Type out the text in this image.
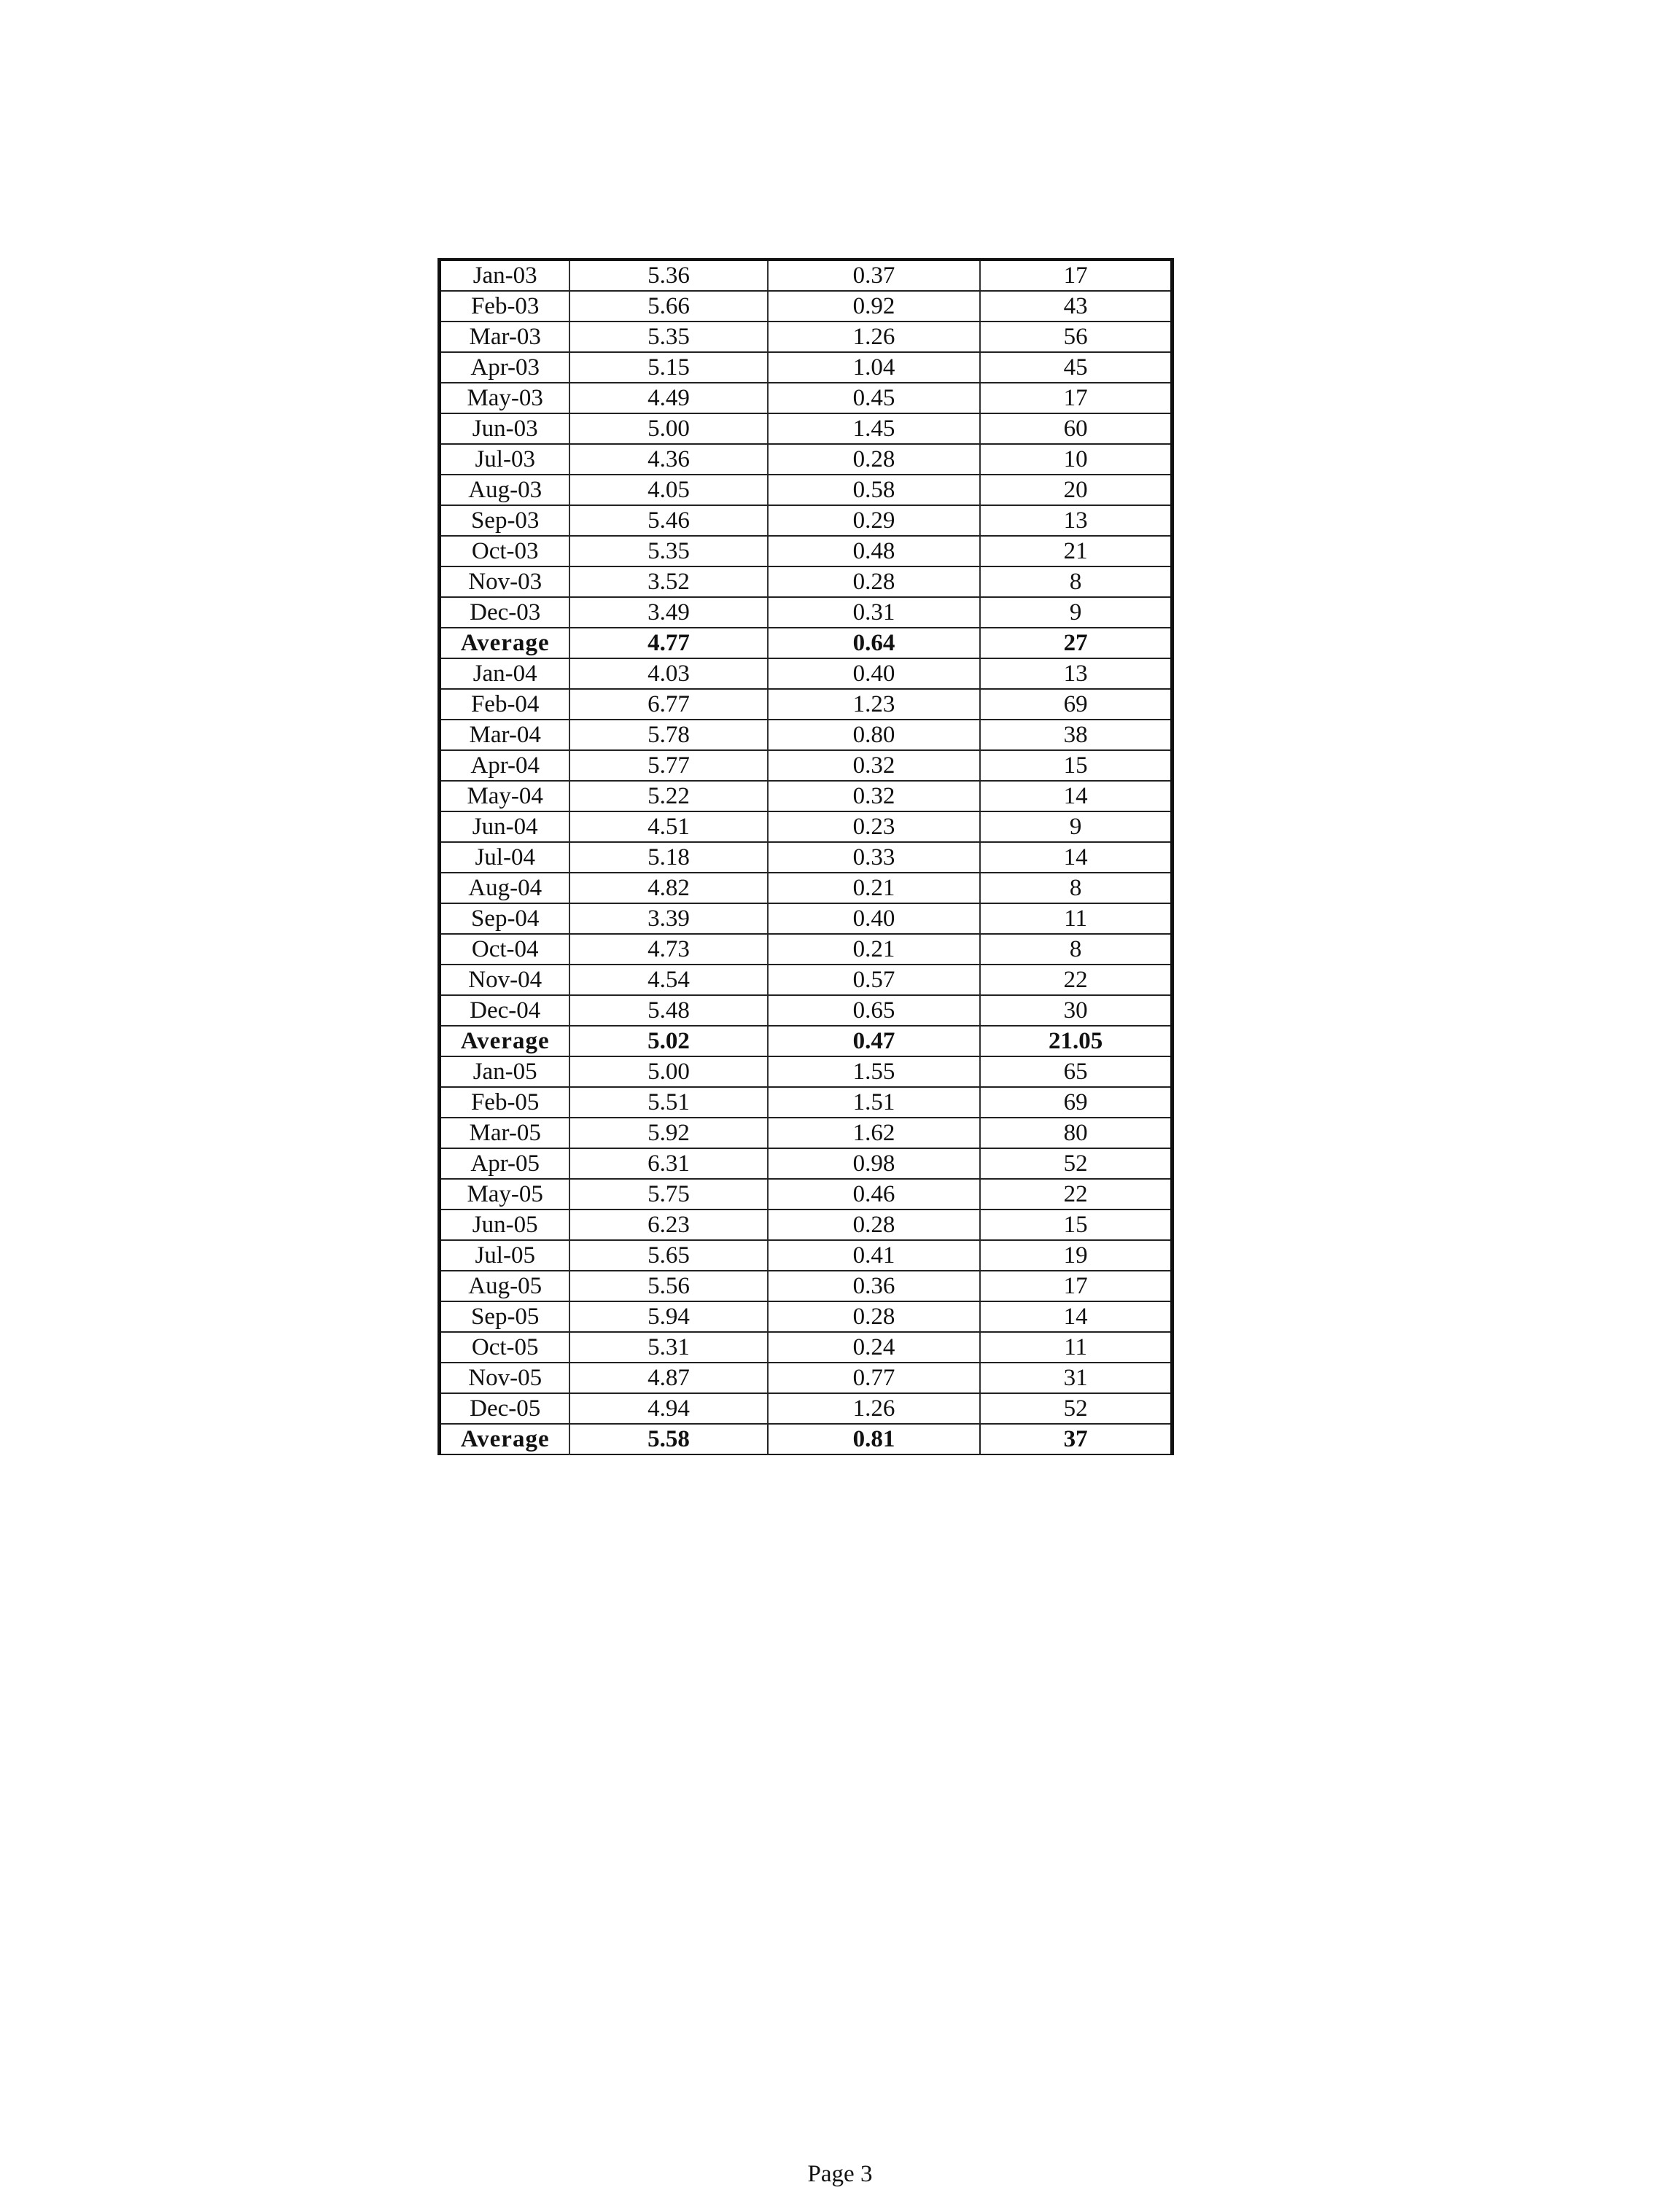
Jan-03	5.36	0.37	17
Feb-03	5.66	0.92	43
Mar-03	5.35	1.26	56
Apr-03	5.15	1.04	45
May-03	4.49	0.45	17
Jun-03	5.00	1.45	60
Jul-03	4.36	0.28	10
Aug-03	4.05	0.58	20
Sep-03	5.46	0.29	13
Oct-03	5.35	0.48	21
Nov-03	3.52	0.28	8
Dec-03	3.49	0.31	9
Average	4.77	0.64	27
Jan-04	4.03	0.40	13
Feb-04	6.77	1.23	69
Mar-04	5.78	0.80	38
Apr-04	5.77	0.32	15
May-04	5.22	0.32	14
Jun-04	4.51	0.23	9
Jul-04	5.18	0.33	14
Aug-04	4.82	0.21	8
Sep-04	3.39	0.40	11
Oct-04	4.73	0.21	8
Nov-04	4.54	0.57	22
Dec-04	5.48	0.65	30
Average	5.02	0.47	21.05
Jan-05	5.00	1.55	65
Feb-05	5.51	1.51	69
Mar-05	5.92	1.62	80
Apr-05	6.31	0.98	52
May-05	5.75	0.46	22
Jun-05	6.23	0.28	15
Jul-05	5.65	0.41	19
Aug-05	5.56	0.36	17
Sep-05	5.94	0.28	14
Oct-05	5.31	0.24	11
Nov-05	4.87	0.77	31
Dec-05	4.94	1.26	52
Average	5.58	0.81	37
Page 3
